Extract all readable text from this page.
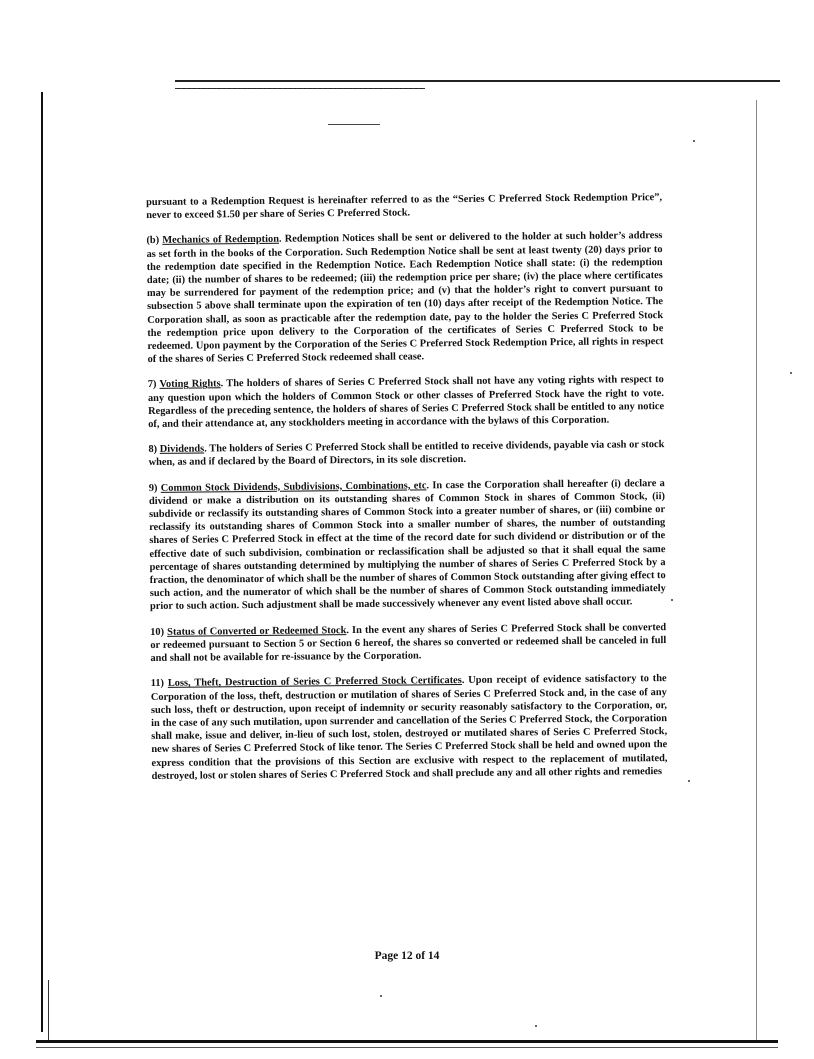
pursuant to a Redemption Request is hereinafter referred to as the “Series C Preferred Stock Redemption Price”, never to exceed $1.50 per share of Series C Preferred Stock.

(b) Mechanics of Redemption. Redemption Notices shall be sent or delivered to the holder at such holder’s address as set forth in the books of the Corporation. Such Redemption Notice shall be sent at least twenty (20) days prior to the redemption date specified in the Redemption Notice. Each Redemption Notice shall state: (i) the redemption date; (ii) the number of shares to be redeemed; (iii) the redemption price per share; (iv) the place where certificates may be surrendered for payment of the redemption price; and (v) that the holder’s right to convert pursuant to subsection 5 above shall terminate upon the expiration of ten (10) days after receipt of the Redemption Notice. The Corporation shall, as soon as practicable after the redemption date, pay to the holder the Series C Preferred Stock the redemption price upon delivery to the Corporation of the certificates of Series C Preferred Stock to be redeemed. Upon payment by the Corporation of the Series C Preferred Stock Redemption Price, all rights in respect of the shares of Series C Preferred Stock redeemed shall cease.

7) Voting Rights. The holders of shares of Series C Preferred Stock shall not have any voting rights with respect to any question upon which the holders of Common Stock or other classes of Preferred Stock have the right to vote. Regardless of the preceding sentence, the holders of shares of Series C Preferred Stock shall be entitled to any notice of, and their attendance at, any stockholders meeting in accordance with the bylaws of this Corporation.

8) Dividends. The holders of Series C Preferred Stock shall be entitled to receive dividends, payable via cash or stock when, as and if declared by the Board of Directors, in its sole discretion.

9) Common Stock Dividends, Subdivisions, Combinations, etc. In case the Corporation shall hereafter (i) declare a dividend or make a distribution on its outstanding shares of Common Stock in shares of Common Stock, (ii) subdivide or reclassify its outstanding shares of Common Stock into a greater number of shares, or (iii) combine or reclassify its outstanding shares of Common Stock into a smaller number of shares, the number of outstanding shares of Series C Preferred Stock in effect at the time of the record date for such dividend or distribution or of the effective date of such subdivision, combination or reclassification shall be adjusted so that it shall equal the same percentage of shares outstanding determined by multiplying the number of shares of Series C Preferred Stock by a fraction, the denominator of which shall be the number of shares of Common Stock outstanding after giving effect to such action, and the numerator of which shall be the number of shares of Common Stock outstanding immediately prior to such action. Such adjustment shall be made successively whenever any event listed above shall occur.

10) Status of Converted or Redeemed Stock. In the event any shares of Series C Preferred Stock shall be converted or redeemed pursuant to Section 5 or Section 6 hereof, the shares so converted or redeemed shall be canceled in full and shall not be available for re-issuance by the Corporation.

11) Loss, Theft, Destruction of Series C Preferred Stock Certificates. Upon receipt of evidence satisfactory to the Corporation of the loss, theft, destruction or mutilation of shares of Series C Preferred Stock and, in the case of any such loss, theft or destruction, upon receipt of indemnity or security reasonably satisfactory to the Corporation, or, in the case of any such mutilation, upon surrender and cancellation of the Series C Preferred Stock, the Corporation shall make, issue and deliver, in-lieu of such lost, stolen, destroyed or mutilated shares of Series C Preferred Stock, new shares of Series C Preferred Stock of like tenor. The Series C Preferred Stock shall be held and owned upon the express condition that the provisions of this Section are exclusive with respect to the replacement of mutilated, destroyed, lost or stolen shares of Series C Preferred Stock and shall preclude any and all other rights and remedies

Page 12 of 14
